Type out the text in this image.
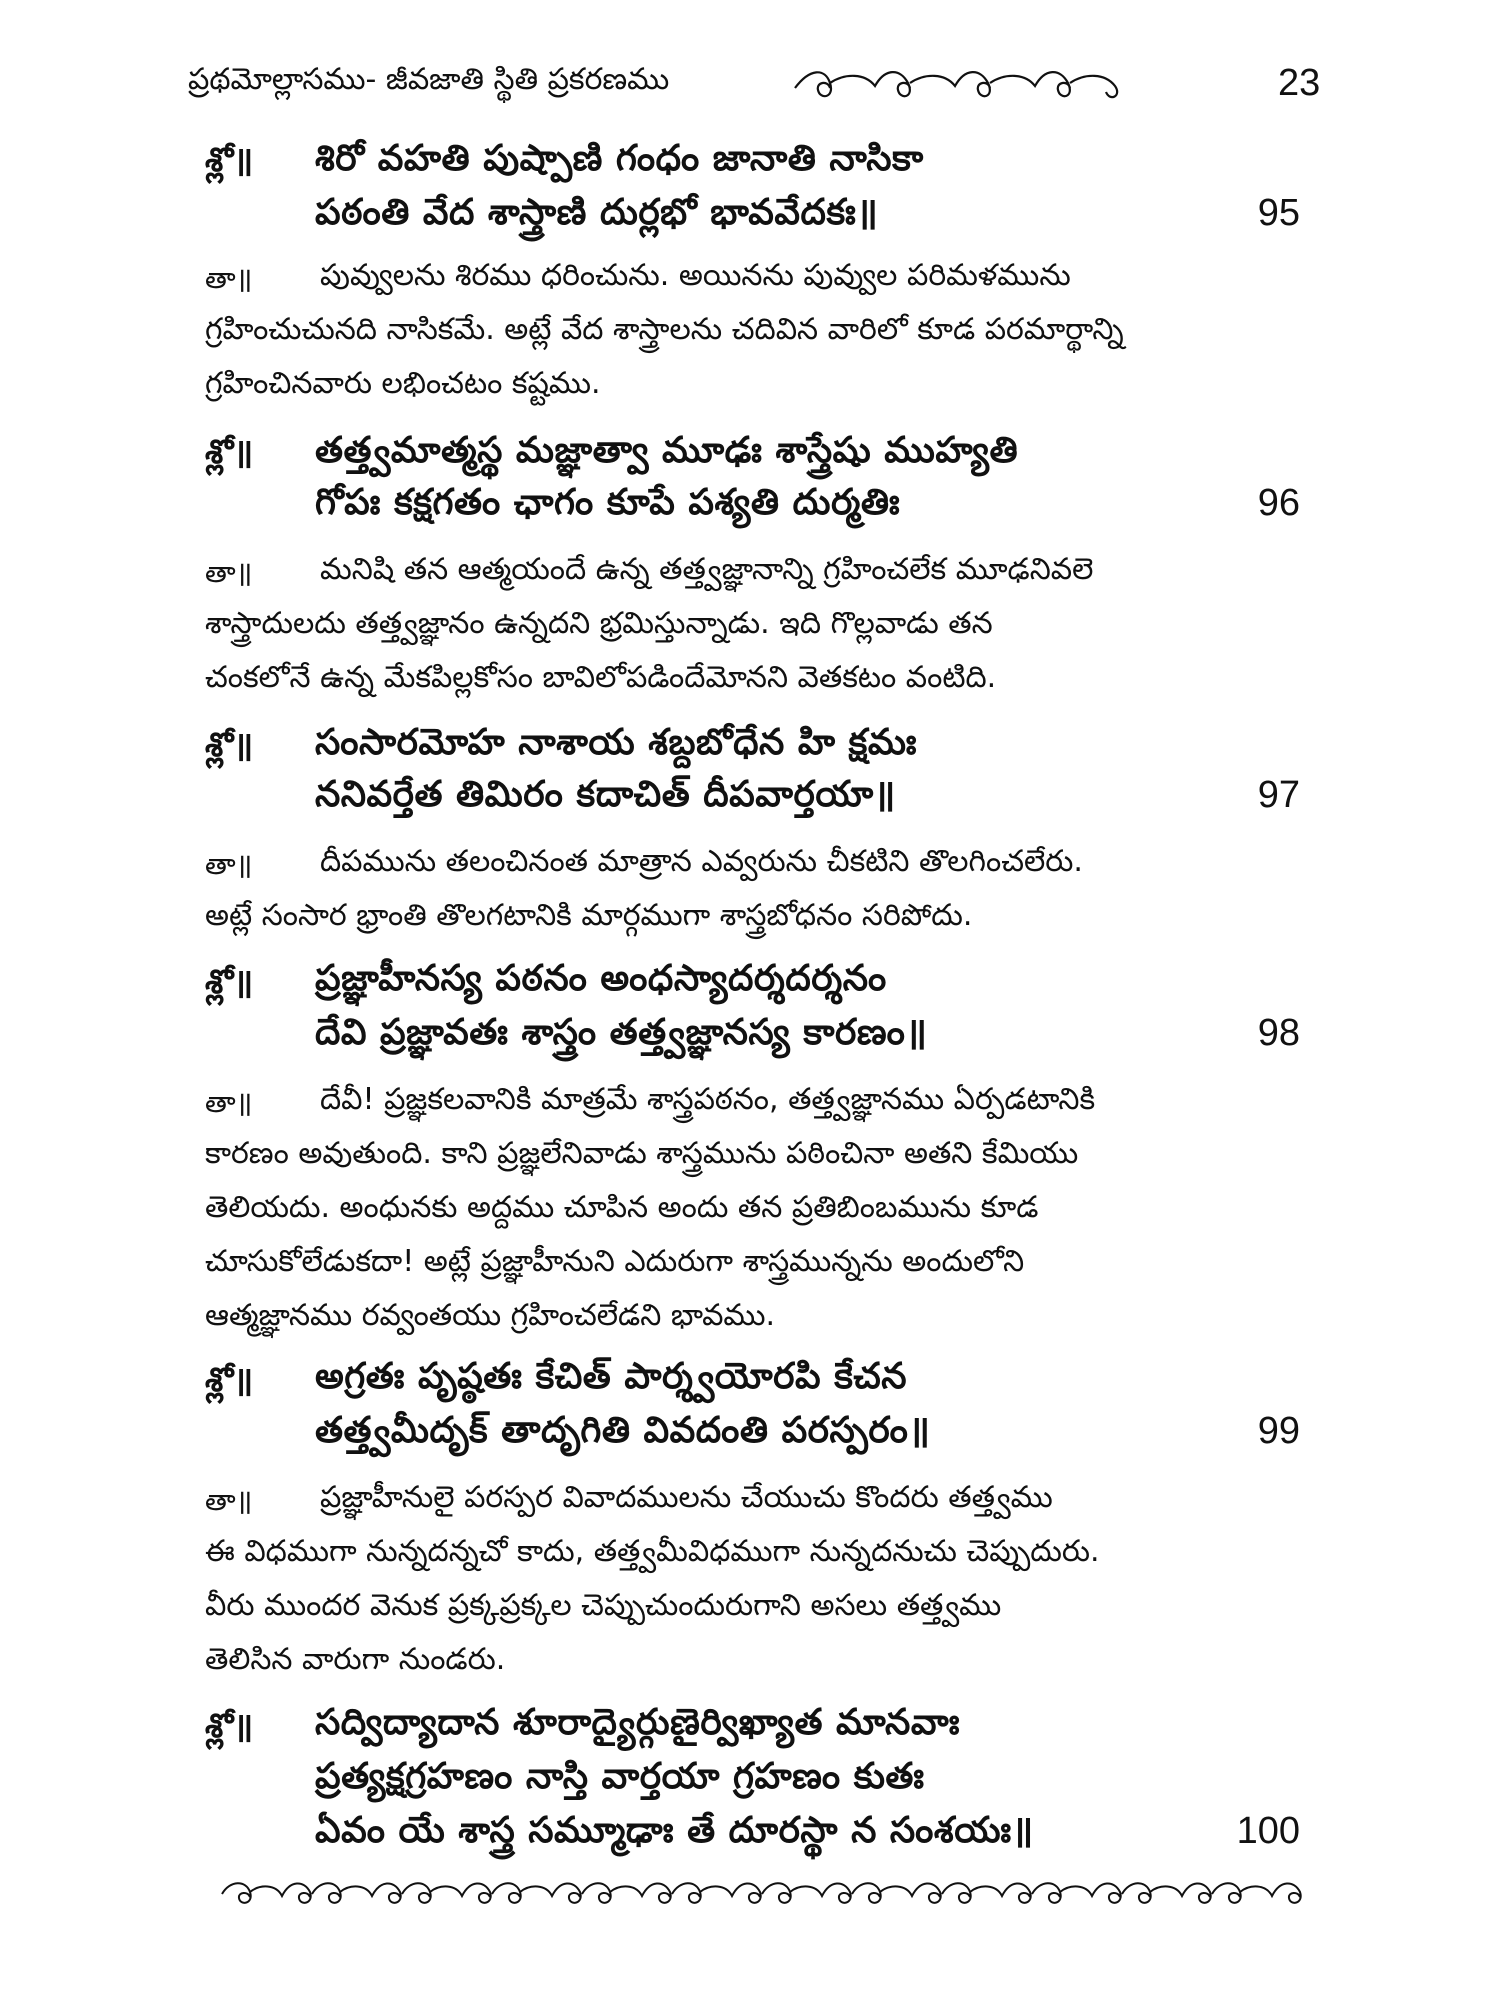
ప్రథమోల్లాసము- జీవజాతి స్థితి ప్రకరణము	23
శ్లో॥ శిరో వహతి పుష్పాణి గంధం జానాతి నాసికా
పఠంతి వేద శాస్త్రాణి దుర్లభో భావవేదకః॥	95
తా॥ పువ్వులను శిరము ధరించును. అయినను పువ్వుల పరిమళమును
గ్రహించుచునది నాసికమే. అట్లే వేద శాస్త్రాలను చదివిన వారిలో కూడ పరమార్థాన్ని
గ్రహించినవారు లభించటం కష్టము.
శ్లో॥ తత్త్వమాత్మస్థ మజ్ఞాత్వా మూఢః శాస్త్రేషు ముహ్యతి
గోపః కక్షగతం ఛాగం కూపే పశ్యతి దుర్మతిః	96
తా॥ మనిషి తన ఆత్మయందే ఉన్న తత్త్వజ్ఞానాన్ని గ్రహించలేక మూఢనివలె
శాస్త్రాదులదు తత్త్వజ్ఞానం ఉన్నదని భ్రమిస్తున్నాడు. ఇది గొల్లవాడు తన
చంకలోనే ఉన్న మేకపిల్లకోసం బావిలోపడిందేమోనని వెతకటం వంటిది.
శ్లో॥ సంసారమోహ నాశాయ శబ్దబోధేన హి క్షమః
ననివర్తేత తిమిరం కదాచిత్ దీపవార్తయా॥	97
తా॥ దీపమును తలంచినంత మాత్రాన ఎవ్వరును చీకటిని తొలగించలేరు.
అట్లే సంసార భ్రాంతి తొలగటానికి మార్గముగా శాస్త్రబోధనం సరిపోదు.
శ్లో॥ ప్రజ్ఞాహీనస్య పఠనం అంధస్యాదర్శదర్శనం
దేవి ప్రజ్ఞావతః శాస్త్రం తత్త్వజ్ఞానస్య కారణం॥	98
తా॥ దేవీ! ప్రజ్ఞకలవానికి మాత్రమే శాస్త్రపఠనం, తత్త్వజ్ఞానము ఏర్పడటానికి
కారణం అవుతుంది. కాని ప్రజ్ఞలేనివాడు శాస్త్రమును పఠించినా అతని కేమియు
తెలియదు. అంధునకు అద్దము చూపిన అందు తన ప్రతిబింబమును కూడ
చూసుకోలేడుకదా! అట్లే ప్రజ్ఞాహీనుని ఎదురుగా శాస్త్రమున్నను అందులోని
ఆత్మజ్ఞానము రవ్వంతయు గ్రహించలేడని భావము.
శ్లో॥ అగ్రతః పృష్ఠతః కేచిత్ పార్శ్వయోరపి కేచన
తత్త్వమీదృక్ తాదృగితి వివదంతి పరస్పరం॥	99
తా॥ ప్రజ్ఞాహీనులై పరస్పర వివాదములను చేయుచు కొందరు తత్త్వము
ఈ విధముగా నున్నదన్నచో కాదు, తత్త్వమీవిధముగా నున్నదనుచు చెప్పుదురు.
వీరు ముందర వెనుక ప్రక్కప్రక్కల చెప్పుచుందురుగాని అసలు తత్త్వము
తెలిసిన వారుగా నుండరు.
శ్లో॥ సద్విద్యాదాన శూరాద్యైర్గుణైర్విఖ్యాత మానవాః
ప్రత్యక్షగ్రహణం నాస్తి వార్తయా గ్రహణం కుతః
ఏవం యే శాస్త్ర సమ్మూఢాః తే దూరస్థా న సంశయః॥	100
